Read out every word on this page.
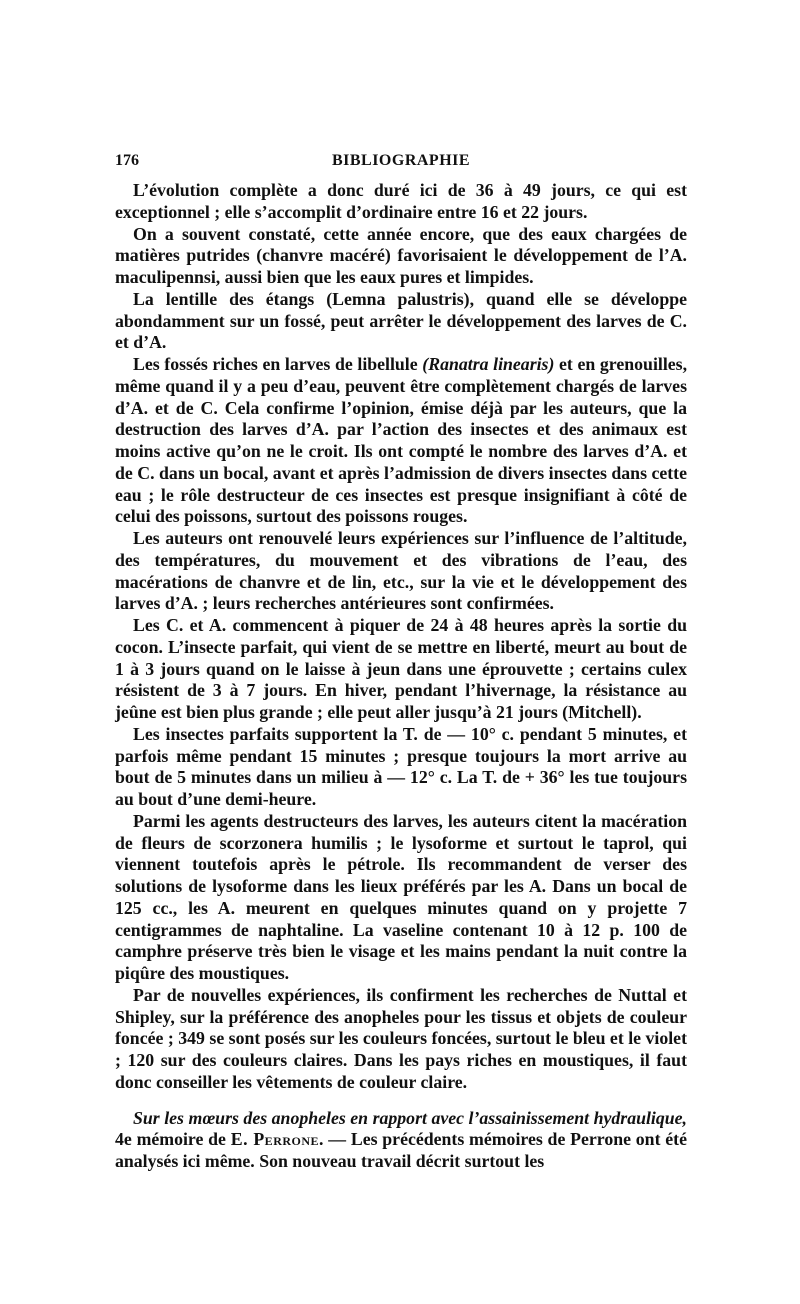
176	BIBLIOGRAPHIE

L’évolution complète a donc duré ici de 36 à 49 jours, ce qui est exceptionnel ; elle s’accomplit d’ordinaire entre 16 et 22 jours.

On a souvent constaté, cette année encore, que des eaux chargées de matières putrides (chanvre macéré) favorisaient le développement de l’A. maculipennsi, aussi bien que les eaux pures et limpides.

La lentille des étangs (Lemna palustris), quand elle se développe abondamment sur un fossé, peut arrêter le développement des larves de C. et d’A.

Les fossés riches en larves de libellule (Ranatra linearis) et en grenouilles, même quand il y a peu d’eau, peuvent être complètement chargés de larves d’A. et de C. Cela confirme l’opinion, émise déjà par les auteurs, que la destruction des larves d’A. par l’action des insectes et des animaux est moins active qu’on ne le croit. Ils ont compté le nombre des larves d’A. et de C. dans un bocal, avant et après l’admission de divers insectes dans cette eau ; le rôle destructeur de ces insectes est presque insignifiant à côté de celui des poissons, surtout des poissons rouges.

Les auteurs ont renouvelé leurs expériences sur l’influence de l’altitude, des températures, du mouvement et des vibrations de l’eau, des macérations de chanvre et de lin, etc., sur la vie et le développement des larves d’A. ; leurs recherches antérieures sont confirmées.

Les C. et A. commencent à piquer de 24 à 48 heures après la sortie du cocon. L’insecte parfait, qui vient de se mettre en liberté, meurt au bout de 1 à 3 jours quand on le laisse à jeun dans une éprouvette ; certains culex résistent de 3 à 7 jours. En hiver, pendant l’hivernage, la résistance au jeûne est bien plus grande ; elle peut aller jusqu’à 21 jours (Mitchell).

Les insectes parfaits supportent la T. de — 10° c. pendant 5 minutes, et parfois même pendant 15 minutes ; presque toujours la mort arrive au bout de 5 minutes dans un milieu à — 12° c. La T. de + 36° les tue toujours au bout d’une demi-heure.

Parmi les agents destructeurs des larves, les auteurs citent la macération de fleurs de scorzonera humilis ; le lysoforme et surtout le taprol, qui viennent toutefois après le pétrole. Ils recommandent de verser des solutions de lysoforme dans les lieux préférés par les A. Dans un bocal de 125 cc., les A. meurent en quelques minutes quand on y projette 7 centigrammes de naphtaline. La vaseline contenant 10 à 12 p. 100 de camphre préserve très bien le visage et les mains pendant la nuit contre la piqûre des moustiques.

Par de nouvelles expériences, ils confirment les recherches de Nuttal et Shipley, sur la préférence des anopheles pour les tissus et objets de couleur foncée ; 349 se sont posés sur les couleurs foncées, surtout le bleu et le violet ; 120 sur des couleurs claires. Dans les pays riches en moustiques, il faut donc conseiller les vêtements de couleur claire.

Sur les mœurs des anopheles en rapport avec l’assainissement hydraulique, 4e mémoire de E. Perrone. — Les précédents mémoires de Perrone ont été analysés ici même. Son nouveau travail décrit surtout les
